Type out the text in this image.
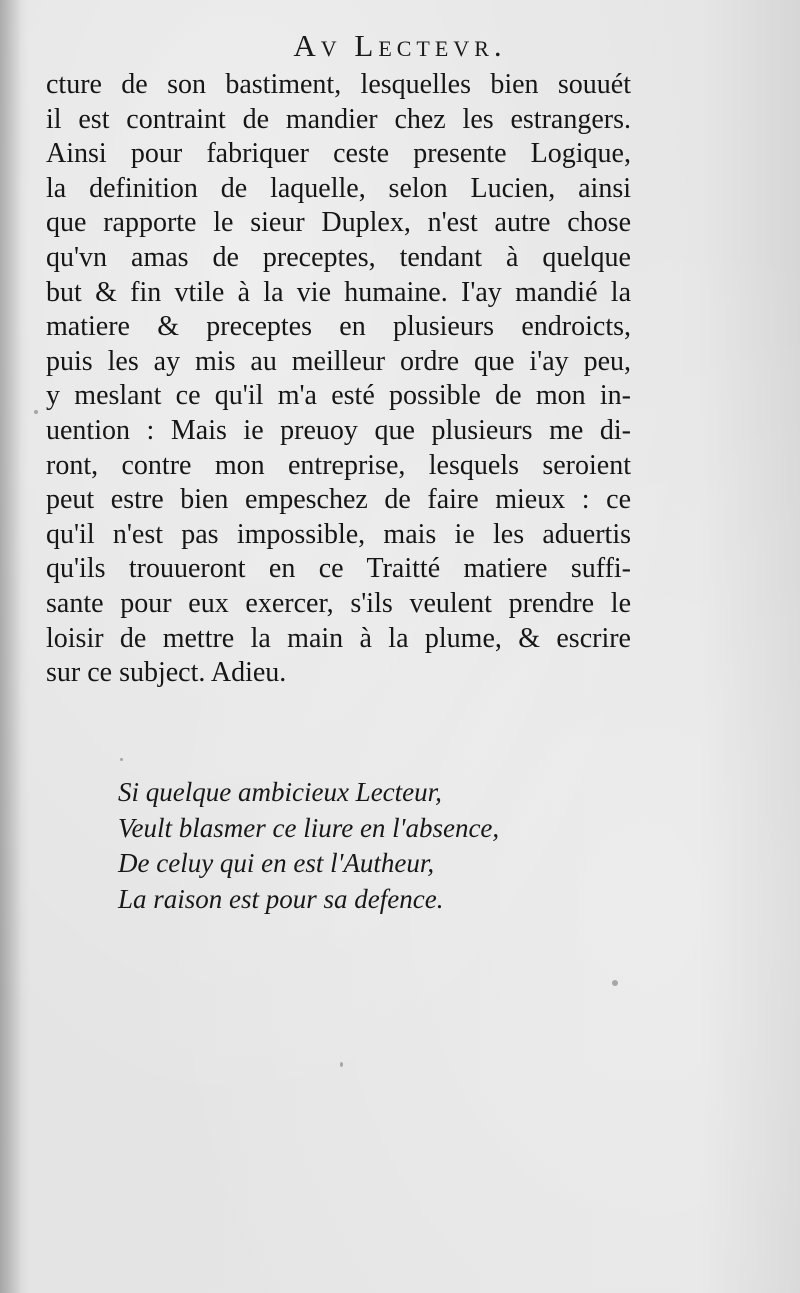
Av Lectevr.
cture de son bastiment, lesquelles bien souuét
il est contraint de mandier chez les estrangers.
Ainsi pour fabriquer ceste presente Logique,
la definition de laquelle, selon Lucien, ainsi
que rapporte le sieur Duplex, n'est autre chose
qu'vn amas de preceptes, tendant à quelque
but & fin vtile à la vie humaine. I'ay mandié la
matiere & preceptes en plusieurs endroicts,
puis les ay mis au meilleur ordre que i'ay peu,
y meslant ce qu'il m'a esté possible de mon in-
uention : Mais ie preuoy que plusieurs me di-
ront, contre mon entreprise, lesquels seroient
peut estre bien empeschez de faire mieux : ce
qu'il n'est pas impossible, mais ie les aduertis
qu'ils trouueront en ce Traitté matiere suffi-
sante pour eux exercer, s'ils veulent prendre le
loisir de mettre la main à la plume, & escrire
sur ce subject. Adieu.
Si quelque ambicieux Lecteur,
Veult blasmer ce liure en l'absence,
De celuy qui en est l'Autheur,
La raison est pour sa defence.
